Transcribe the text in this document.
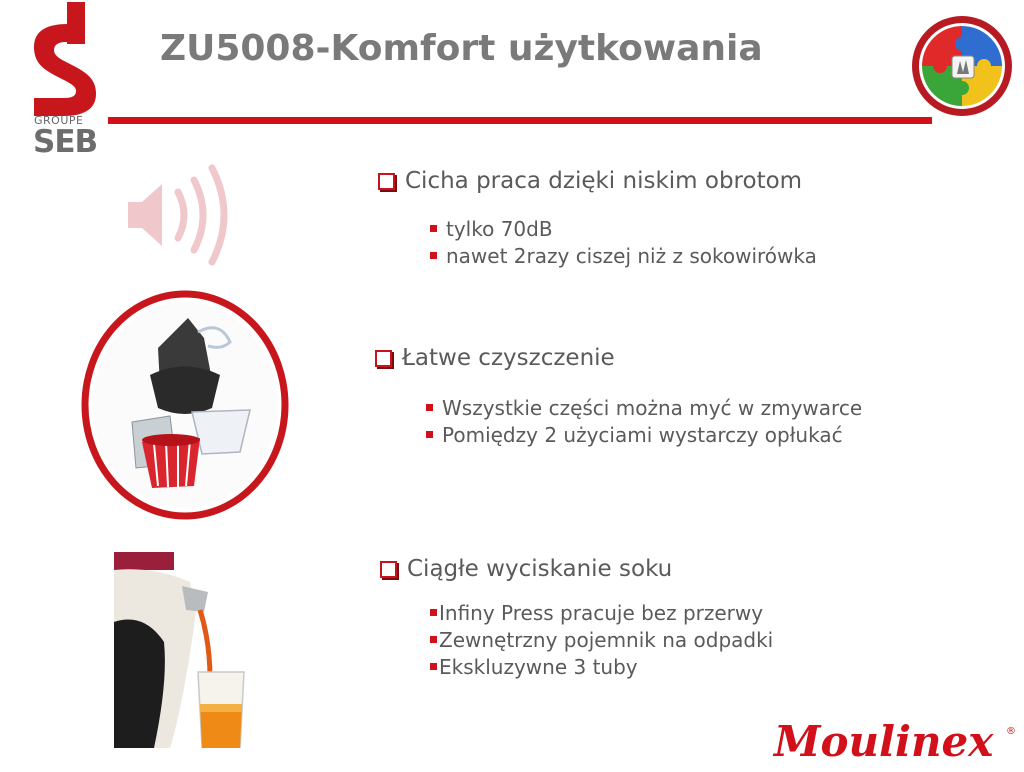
GROUPE
SEB
ZU5008-Komfort użytkowania
Cicha praca dzięki niskim obrotom
tylko 70dB
nawet 2razy ciszej niż z sokowirówka
Łatwe czyszczenie
Wszystkie części można myć w zmywarce
Pomiędzy 2 użyciami wystarczy opłukać
Ciągłe wyciskanie soku
Infiny Press pracuje bez przerwy
Zewnętrzny pojemnik na odpadki
Ekskluzywne 3 tuby
Moulinex ®
